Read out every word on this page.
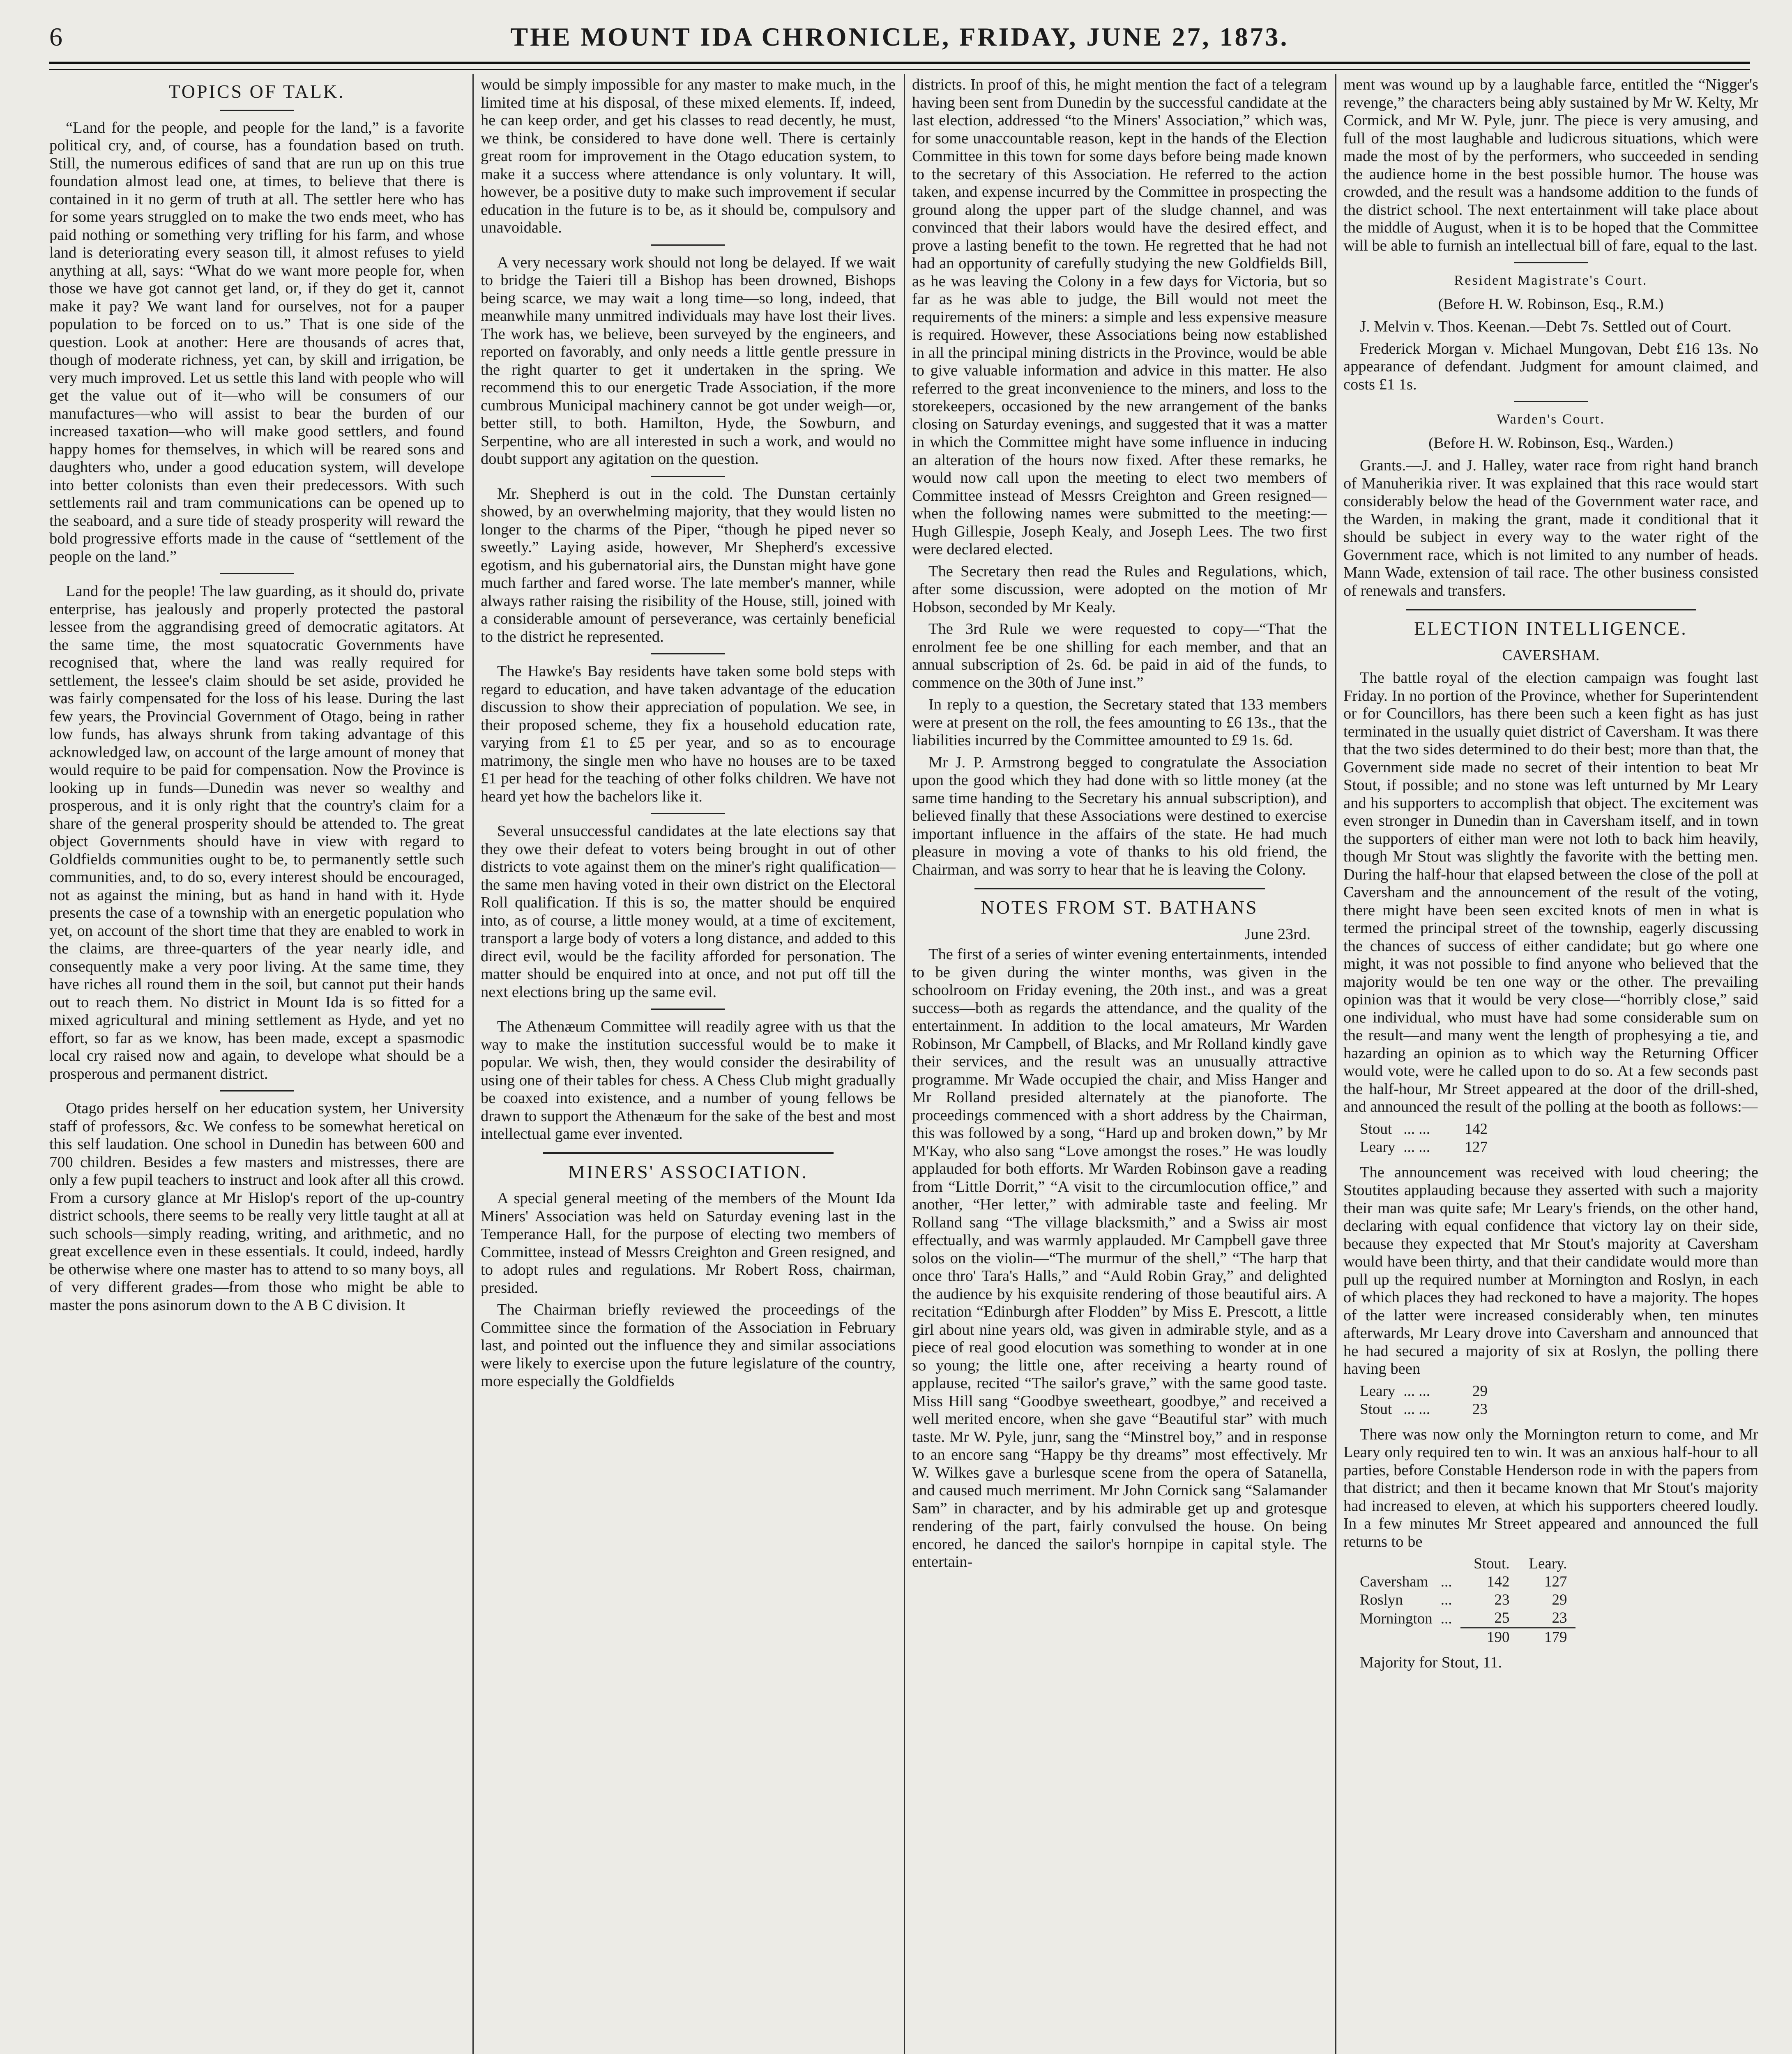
6	THE MOUNT IDA CHRONICLE, FRIDAY, JUNE 27, 1873.
TOPICS OF TALK.

“Land for the people, and people for the land,” is a favorite political cry, and, of course, has a foundation based on truth. Still, the numerous edifices of sand that are run up on this true foundation almost lead one, at times, to believe that there is contained in it no germ of truth at all. The settler here who has for some years struggled on to make the two ends meet, who has paid nothing or something very trifling for his farm, and whose land is deteriorating every season till, it almost refuses to yield anything at all, says: “What do we want more people for, when those we have got cannot get land, or, if they do get it, cannot make it pay? We want land for ourselves, not for a pauper population to be forced on to us.” That is one side of the question. Look at another: Here are thousands of acres that, though of moderate richness, yet can, by skill and irrigation, be very much improved. Let us settle this land with people who will get the value out of it—who will be consumers of our manufactures—who will assist to bear the burden of our increased taxation—who will make good settlers, and found happy homes for themselves, in which will be reared sons and daughters who, under a good education system, will develope into better colonists than even their predecessors. With such settlements rail and tram communications can be opened up to the seaboard, and a sure tide of steady prosperity will reward the bold progressive efforts made in the cause of “settlement of the people on the land.”

Land for the people! The law guarding, as it should do, private enterprise, has jealously and properly protected the pastoral lessee from the aggrandising greed of democratic agitators. At the same time, the most squatocratic Governments have recognised that, where the land was really required for settlement, the lessee's claim should be set aside, provided he was fairly compensated for the loss of his lease. During the last few years, the Provincial Government of Otago, being in rather low funds, has always shrunk from taking advantage of this acknowledged law, on account of the large amount of money that would require to be paid for compensation. Now the Province is looking up in funds—Dunedin was never so wealthy and prosperous, and it is only right that the country's claim for a share of the general prosperity should be attended to. The great object Governments should have in view with regard to Goldfields communities ought to be, to permanently settle such communities, and, to do so, every interest should be encouraged, not as against the mining, but as hand in hand with it. Hyde presents the case of a township with an energetic population who yet, on account of the short time that they are enabled to work in the claims, are three-quarters of the year nearly idle, and consequently make a very poor living. At the same time, they have riches all round them in the soil, but cannot put their hands out to reach them. No district in Mount Ida is so fitted for a mixed agricultural and mining settlement as Hyde, and yet no effort, so far as we know, has been made, except a spasmodic local cry raised now and again, to develope what should be a prosperous and permanent district.

Otago prides herself on her education system, her University staff of professors, &c. We confess to be somewhat heretical on this self laudation. One school in Dunedin has between 600 and 700 children. Besides a few masters and mistresses, there are only a few pupil teachers to instruct and look after all this crowd. From a cursory glance at Mr Hislop's report of the up-country district schools, there seems to be really very little taught at all at such schools—simply reading, writing, and arithmetic, and no great excellence even in these essentials. It could, indeed, hardly be otherwise where one master has to attend to so many boys, all of very different grades—from those who might be able to master the pons asinorum down to the A B C division. It

would be simply impossible for any master to make much, in the limited time at his disposal, of these mixed elements. If, indeed, he can keep order, and get his classes to read decently, he must, we think, be considered to have done well. There is certainly great room for improvement in the Otago education system, to make it a success where attendance is only voluntary. It will, however, be a positive duty to make such improvement if secular education in the future is to be, as it should be, compulsory and unavoidable.

A very necessary work should not long be delayed. If we wait to bridge the Taieri till a Bishop has been drowned, Bishops being scarce, we may wait a long time—so long, indeed, that meanwhile many unmitred individuals may have lost their lives. The work has, we believe, been surveyed by the engineers, and reported on favorably, and only needs a little gentle pressure in the right quarter to get it undertaken in the spring. We recommend this to our energetic Trade Association, if the more cumbrous Municipal machinery cannot be got under weigh—or, better still, to both. Hamilton, Hyde, the Sowburn, and Serpentine, who are all interested in such a work, and would no doubt support any agitation on the question.

Mr. Shepherd is out in the cold. The Dunstan certainly showed, by an overwhelming majority, that they would listen no longer to the charms of the Piper, “though he piped never so sweetly.” Laying aside, however, Mr Shepherd's excessive egotism, and his gubernatorial airs, the Dunstan might have gone much farther and fared worse. The late member's manner, while always rather raising the risibility of the House, still, joined with a considerable amount of perseverance, was certainly beneficial to the district he represented.

The Hawke's Bay residents have taken some bold steps with regard to education, and have taken advantage of the education discussion to show their appreciation of population. We see, in their proposed scheme, they fix a household education rate, varying from £1 to £5 per year, and so as to encourage matrimony, the single men who have no houses are to be taxed £1 per head for the teaching of other folks children. We have not heard yet how the bachelors like it.

Several unsuccessful candidates at the late elections say that they owe their defeat to voters being brought in out of other districts to vote against them on the miner's right qualification—the same men having voted in their own district on the Electoral Roll qualification. If this is so, the matter should be enquired into, as of course, a little money would, at a time of excitement, transport a large body of voters a long distance, and added to this direct evil, would be the facility afforded for personation. The matter should be enquired into at once, and not put off till the next elections bring up the same evil.

The Athenæum Committee will readily agree with us that the way to make the institution successful would be to make it popular. We wish, then, they would consider the desirability of using one of their tables for chess. A Chess Club might gradually be coaxed into existence, and a number of young fellows be drawn to support the Athenæum for the sake of the best and most intellectual game ever invented.

MINERS' ASSOCIATION.

A special general meeting of the members of the Mount Ida Miners' Association was held on Saturday evening last in the Temperance Hall, for the purpose of electing two members of Committee, instead of Messrs Creighton and Green resigned, and to adopt rules and regulations. Mr Robert Ross, chairman, presided.

The Chairman briefly reviewed the proceedings of the Committee since the formation of the Association in February last, and pointed out the influence they and similar associations were likely to exercise upon the future legislature of the country, more especially the Goldfields

districts. In proof of this, he might mention the fact of a telegram having been sent from Dunedin by the successful candidate at the last election, addressed “to the Miners' Association,” which was, for some unaccountable reason, kept in the hands of the Election Committee in this town for some days before being made known to the secretary of this Association. He referred to the action taken, and expense incurred by the Committee in prospecting the ground along the upper part of the sludge channel, and was convinced that their labors would have the desired effect, and prove a lasting benefit to the town. He regretted that he had not had an opportunity of carefully studying the new Goldfields Bill, as he was leaving the Colony in a few days for Victoria, but so far as he was able to judge, the Bill would not meet the requirements of the miners: a simple and less expensive measure is required. However, these Associations being now established in all the principal mining districts in the Province, would be able to give valuable information and advice in this matter. He also referred to the great inconvenience to the miners, and loss to the storekeepers, occasioned by the new arrangement of the banks closing on Saturday evenings, and suggested that it was a matter in which the Committee might have some influence in inducing an alteration of the hours now fixed. After these remarks, he would now call upon the meeting to elect two members of Committee instead of Messrs Creighton and Green resigned—when the following names were submitted to the meeting:—Hugh Gillespie, Joseph Kealy, and Joseph Lees. The two first were declared elected.

The Secretary then read the Rules and Regulations, which, after some discussion, were adopted on the motion of Mr Hobson, seconded by Mr Kealy.

The 3rd Rule we were requested to copy—“That the enrolment fee be one shilling for each member, and that an annual subscription of 2s. 6d. be paid in aid of the funds, to commence on the 30th of June inst.”

In reply to a question, the Secretary stated that 133 members were at present on the roll, the fees amounting to £6 13s., that the liabilities incurred by the Committee amounted to £9 1s. 6d.

Mr J. P. Armstrong begged to congratulate the Association upon the good which they had done with so little money (at the same time handing to the Secretary his annual subscription), and believed finally that these Associations were destined to exercise important influence in the affairs of the state. He had much pleasure in moving a vote of thanks to his old friend, the Chairman, and was sorry to hear that he is leaving the Colony.

NOTES FROM ST. BATHANS
June 23rd.

The first of a series of winter evening entertainments, intended to be given during the winter months, was given in the schoolroom on Friday evening, the 20th inst., and was a great success—both as regards the attendance, and the quality of the entertainment. In addition to the local amateurs, Mr Warden Robinson, Mr Campbell, of Blacks, and Mr Rolland kindly gave their services, and the result was an unusually attractive programme. Mr Wade occupied the chair, and Miss Hanger and Mr Rolland presided alternately at the pianoforte. The proceedings commenced with a short address by the Chairman, this was followed by a song, “Hard up and broken down,” by Mr M'Kay, who also sang “Love amongst the roses.” He was loudly applauded for both efforts. Mr Warden Robinson gave a reading from “Little Dorrit,” “A visit to the circumlocution office,” and another, “Her letter,” with admirable taste and feeling. Mr Rolland sang “The village blacksmith,” and a Swiss air most effectually, and was warmly applauded. Mr Campbell gave three solos on the violin—“The murmur of the shell,” “The harp that once thro' Tara's Halls,” and “Auld Robin Gray,” and delighted the audience by his exquisite rendering of those beautiful airs. A recitation “Edinburgh after Flodden” by Miss E. Prescott, a little girl about nine years old, was given in admirable style, and as a piece of real good elocution was something to wonder at in one so young; the little one, after receiving a hearty round of applause, recited “The sailor's grave,” with the same good taste. Miss Hill sang “Goodbye sweetheart, goodbye,” and received a well merited encore, when she gave “Beautiful star” with much taste. Mr W. Pyle, junr, sang the “Minstrel boy,” and in response to an encore sang “Happy be thy dreams” most effectively. Mr W. Wilkes gave a burlesque scene from the opera of Satanella, and caused much merriment. Mr John Cornick sang “Salamander Sam” in character, and by his admirable get up and grotesque rendering of the part, fairly convulsed the house. On being encored, he danced the sailor's hornpipe in capital style. The entertain-

ment was wound up by a laughable farce, entitled the “Nigger's revenge,” the characters being ably sustained by Mr W. Kelty, Mr Cormick, and Mr W. Pyle, junr. The piece is very amusing, and full of the most laughable and ludicrous situations, which were made the most of by the performers, who succeeded in sending the audience home in the best possible humor. The house was crowded, and the result was a handsome addition to the funds of the district school. The next entertainment will take place about the middle of August, when it is to be hoped that the Committee will be able to furnish an intellectual bill of fare, equal to the last.

Resident Magistrate's Court.
(Before H. W. Robinson, Esq., R.M.)

J. Melvin v. Thos. Keenan.—Debt 7s. Settled out of Court.

Frederick Morgan v. Michael Mungovan, Debt £16 13s. No appearance of defendant. Judgment for amount claimed, and costs £1 1s.

Warden's Court.
(Before H. W. Robinson, Esq., Warden.)

Grants.—J. and J. Halley, water race from right hand branch of Manuherikia river. It was explained that this race would start considerably below the head of the Government water race, and the Warden, in making the grant, made it conditional that it should be subject in every way to the water right of the Government race, which is not limited to any number of heads. Mann Wade, extension of tail race. The other business consisted of renewals and transfers.

ELECTION INTELLIGENCE.
CAVERSHAM.

The battle royal of the election campaign was fought last Friday. In no portion of the Province, whether for Superintendent or for Councillors, has there been such a keen fight as has just terminated in the usually quiet district of Caversham. It was there that the two sides determined to do their best; more than that, the Government side made no secret of their intention to beat Mr Stout, if possible; and no stone was left unturned by Mr Leary and his supporters to accomplish that object. The excitement was even stronger in Dunedin than in Caversham itself, and in town the supporters of either man were not loth to back him heavily, though Mr Stout was slightly the favorite with the betting men. During the half-hour that elapsed between the close of the poll at Caversham and the announcement of the result of the voting, there might have been seen excited knots of men in what is termed the principal street of the township, eagerly discussing the chances of success of either candidate; but go where one might, it was not possible to find anyone who believed that the majority would be ten one way or the other. The prevailing opinion was that it would be very close—“horribly close,” said one individual, who must have had some considerable sum on the result—and many went the length of prophesying a tie, and hazarding an opinion as to which way the Returning Officer would vote, were he called upon to do so. At a few seconds past the half-hour, Mr Street appeared at the door of the drill-shed, and announced the result of the polling at the booth as follows:—

Stout	... ...	142
Leary	... ...	127

The announcement was received with loud cheering; the Stoutites applauding because they asserted with such a majority their man was quite safe; Mr Leary's friends, on the other hand, declaring with equal confidence that victory lay on their side, because they expected that Mr Stout's majority at Caversham would have been thirty, and that their candidate would more than pull up the required number at Mornington and Roslyn, in each of which places they had reckoned to have a majority. The hopes of the latter were increased considerably when, ten minutes afterwards, Mr Leary drove into Caversham and announced that he had secured a majority of six at Roslyn, the polling there having been

Leary	... ...	29
Stout	... ...	23

There was now only the Mornington return to come, and Mr Leary only required ten to win. It was an anxious half-hour to all parties, before Constable Henderson rode in with the papers from that district; and then it became known that Mr Stout's majority had increased to eleven, at which his supporters cheered loudly. In a few minutes Mr Street appeared and announced the full returns to be

		Stout.	Leary.
Caversham	...	142	127
Roslyn	...	23	29
Mornington	...	25	23
		190	179
Majority for Stout, 11.
